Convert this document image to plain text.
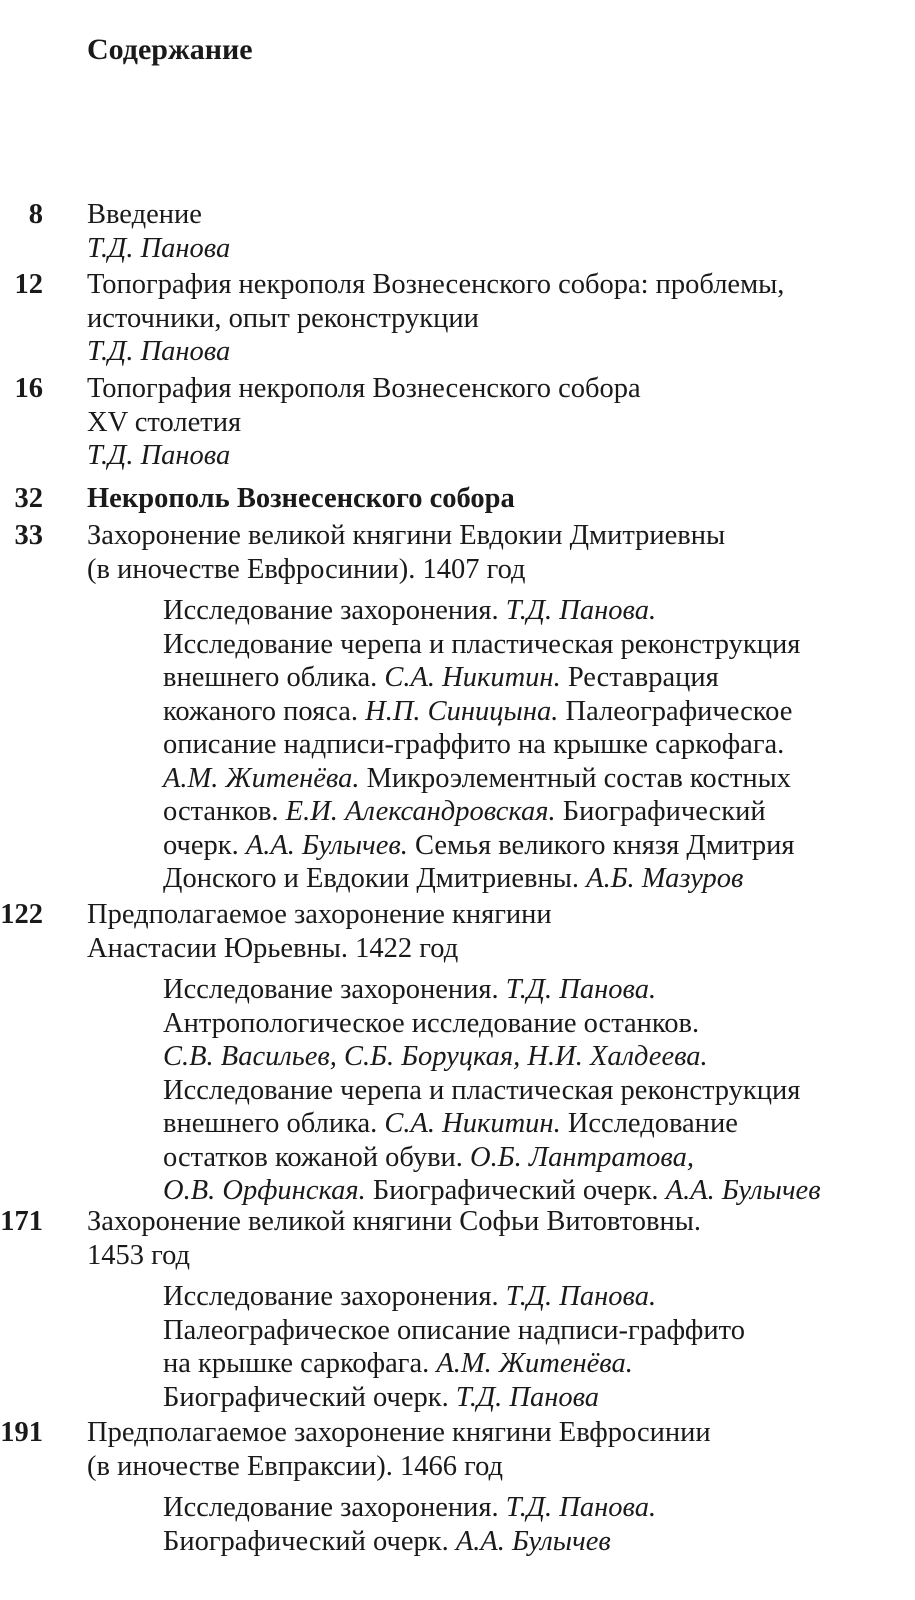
Содержание
8 Введение
Т.Д. Панова
12 Топография некрополя Вознесенского собора: проблемы,
источники, опыт реконструкции
Т.Д. Панова
16 Топография некрополя Вознесенского собора
XV столетия
Т.Д. Панова
32 Некрополь Вознесенского собора
33 Захоронение великой княгини Евдокии Дмитриевны
(в иночестве Евфросинии). 1407 год
Исследование захоронения. Т.Д. Панова.
Исследование черепа и пластическая реконструкция
внешнего облика. С.А. Никитин. Реставрация
кожаного пояса. Н.П. Синицына. Палеографическое
описание надписи-граффито на крышке саркофага.
А.М. Житенёва. Микроэлементный состав костных
останков. Е.И. Александровская. Биографический
очерк. А.А. Булычев. Семья великого князя Дмитрия
Донского и Евдокии Дмитриевны. А.Б. Мазуров
122 Предполагаемое захоронение княгини
Анастасии Юрьевны. 1422 год
Исследование захоронения. Т.Д. Панова.
Антропологическое исследование останков.
С.В. Васильев, С.Б. Боруцкая, Н.И. Халдеева.
Исследование черепа и пластическая реконструкция
внешнего облика. С.А. Никитин. Исследование
остатков кожаной обуви. О.Б. Лантратова,
О.В. Орфинская. Биографический очерк. А.А. Булычев
171 Захоронение великой княгини Софьи Витовтовны.
1453 год
Исследование захоронения. Т.Д. Панова.
Палеографическое описание надписи-граффито
на крышке саркофага. А.М. Житенёва.
Биографический очерк. Т.Д. Панова
191 Предполагаемое захоронение княгини Евфросинии
(в иночестве Евпраксии). 1466 год
Исследование захоронения. Т.Д. Панова.
Биографический очерк. А.А. Булычев
